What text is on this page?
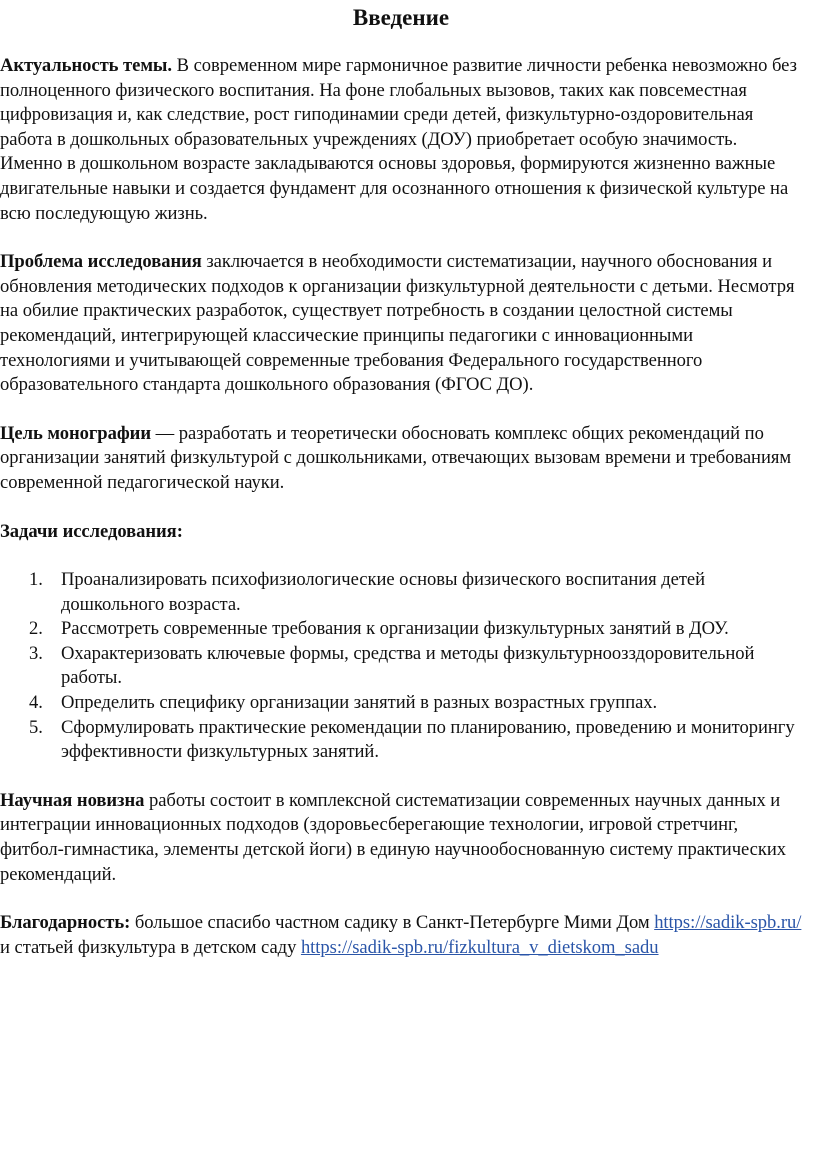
Введение

Актуальность темы. В современном мире гармоничное развитие личности ребенка невозможно без полноценного физического воспитания. На фоне глобальных вызовов, таких как повсеместная цифровизация и, как следствие, рост гиподинамии среди детей, физкультурно-оздоровительная работа в дошкольных образовательных учреждениях (ДОУ) приобретает особую значимость. Именно в дошкольном возрасте закладываются основы здоровья, формируются жизненно важные двигательные навыки и создается фундамент для осознанного отношения к физической культуре на всю последующую жизнь.

Проблема исследования заключается в необходимости систематизации, научного обоснования и обновления методических подходов к организации физкультурной деятельности с детьми. Несмотря на обилие практических разработок, существует потребность в создании целостной системы рекомендаций, интегрирующей классические принципы педагогики с инновационными технологиями и учитывающей современные требования Федерального государственного образовательного стандарта дошкольного образования (ФГОС ДО).

Цель монографии — разработать и теоретически обосновать комплекс общих рекомендаций по организации занятий физкультурой с дошкольниками, отвечающих вызовам времени и требованиям современной педагогической науки.

Задачи исследования:

1. Проанализировать психофизиологические основы физического воспитания детей дошкольного возраста.
2. Рассмотреть современные требования к организации физкультурных занятий в ДОУ.
3. Охарактеризовать ключевые формы, средства и методы физкультурноозздоровительной работы.
4. Определить специфику организации занятий в разных возрастных группах.
5. Сформулировать практические рекомендации по планированию, проведению и мониторингу эффективности физкультурных занятий.

Научная новизна работы состоит в комплексной систематизации современных научных данных и интеграции инновационных подходов (здоровьесберегающие технологии, игровой стретчинг, фитбол-гимнастика, элементы детской йоги) в единую научнообоснованную систему практических рекомендаций.

Благодарность: большое спасибо частном садику в Санкт-Петербурге Мими Дом https://sadik-spb.ru/ и статьей физкультура в детском саду https://sadik-spb.ru/fizkultura_v_dietskom_sadu
